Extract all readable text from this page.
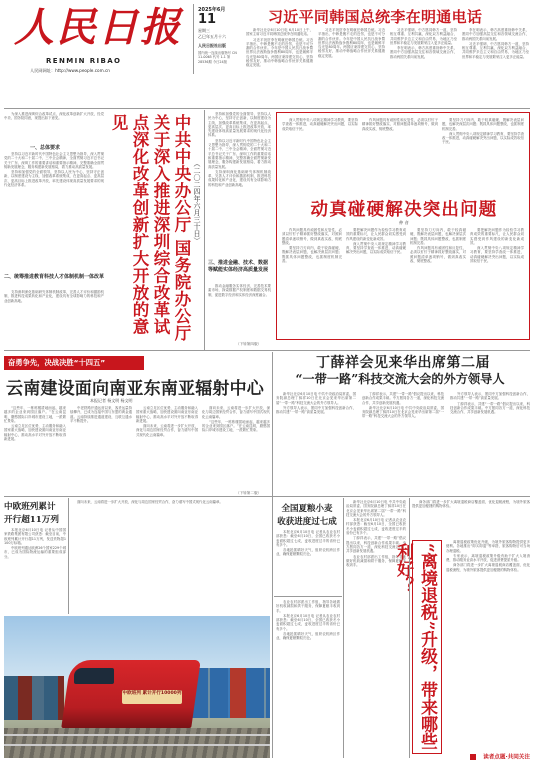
人民日报
RENMIN RIBAO
人民网网址：http://www.people.com.cn
2025年6月
11
星期三
乙巳年五月十六
人民日报社出版
国内统一连续出版物号 CN 11-0065 代号 1-1 第28536期 今日24版
习近平同韩国总统李在明通电话

新华社北京6月10日电 6月10日上午，国家主席习近平同韩国总统李在明通电话。

习近平祝贺李在明就任韩国总统。习近平指出，中韩是搬不走的近邻，也是不可分割的合作伙伴。今年是中国人民抗日战争暨世界反法西斯战争胜利80周年，也是朝鲜半岛光复80周年。两国应秉持建交初心，坚持睦邻友好，推动中韩战略合作伙伴关系健康稳定发展。

习近平祝贺李在明就任韩国总统。习近平指出，中韩是搬不走的近邻，也是不可分割的合作伙伴。今年是中国人民抗日战争暨世界反法西斯战争胜利80周年，也是朝鲜半岛光复80周年。两国应秉持建交初心，坚持睦邻友好，推动中韩战略合作伙伴关系健康稳定发展。

习近平强调，中方愿同韩方一道，坚持相互尊重、互利共赢，深化双方利益融合，共同维护多边主义和自由贸易，为地区乃至世界和平稳定与发展繁荣注入更多正能量。

李在明表示，韩方高度重视韩中关系，愿同中方加强高层交往和各领域交流合作，推动两国关系向前发展。

李在明表示，韩方高度重视韩中关系，愿同中方加强高层交往和各领域交流合作，推动两国关系向前发展。

习近平强调，中方愿同韩方一道，坚持相互尊重、互利共赢，深化双方利益融合，共同维护多边主义和自由贸易，为地区乃至世界和平稳定与发展繁荣注入更多正能量。

为深入推进深圳综合改革试点，深化改革创新扩大开放，经党中央、国务院同意，现提出如下意见。

一、总体要求

坚持以习近平新时代中国特色社会主义思想为指导，深入贯彻党的二十大和二十届二中、三中全会精神，全面贯彻习近平总书记关于广东、深圳工作的重要讲话和重要指示精神，完整准确全面贯彻新发展理念，服务构建新发展格局，着力推动高质量发展。

坚持和加强党的全面领导，坚持以人民为中心，坚持守正创新，以制度建设为主线，加强改革系统集成，在更高起点、更高层次、更高目标上推进改革开放，率先建设体现高质量发展要求的现代化经济体系。

二、统筹推进教育科技人才体制机制一体改革

支持深圳深化基础研究体制机制改革，完善人才评价和激励机制，推进科技成果转化和产业化，建设具有全球影响力的科技和产业创新高地。	中共中央办公厅 国务院办公厅关于深入推进深圳综合改革试点深化改革创新扩大开放的意见
（二〇二四年六月三十日）

坚持和加强党的全面领导，坚持以人民为中心，坚持守正创新，以制度建设为主线，加强改革系统集成，在更高起点、更高层次、更高目标上推进改革开放，率先建设体现高质量发展要求的现代化经济体系。

坚持以习近平新时代中国特色社会主义思想为指导，深入贯彻党的二十大和二十届二中、三中全会精神，全面贯彻习近平总书记关于广东、深圳工作的重要讲话和重要指示精神，完整准确全面贯彻新发展理念，服务构建新发展格局，着力推动高质量发展。

支持深圳深化基础研究体制机制改革，完善人才评价和激励机制，推进科技成果转化和产业化，建设具有全球影响力的科技和产业创新高地。

三、推进金融、技术、数据等赋能实体经济高质量发展

推动金融服务实体经济，完善技术要素市场，探索数据产权制度和数据交易机制，促进数字经济和实体经济深度融合。

（下转第四版）

深入贯彻中央八项规定精神学习教育，要坚持学查改一体推进，动真碰硬解决突出问题，以实际成效取信于民。

作风问题具有顽固性和反复性，必须以钉钉子精神抓好整改落实，对照问题清单逐项销号，做到真改实改、彻底整改。

要坚持刀刃向内，敢于较真碰硬，既解决表层问题，也解决深层次问题；既抓具体问题整改，也抓制度机制完善。

深入贯彻中央八项规定精神学习教育，要坚持学查改一体推进，动真碰硬解决突出问题，以实际成效取信于民。

动真碰硬解决突出问题
仲 音

作风问题具有顽固性和反复性，必须以钉钉子精神抓好整改落实，对照问题清单逐项销号，做到真改实改、彻底整改。

要坚持刀刃向内，敢于较真碰硬，既解决表层问题，也解决深层次问题；既抓具体问题整改，也抓制度机制完善。

要把解决问题作为检验学习教育成效的重要标尺，让人民群众切实感受到作风建设的新变化新成效。

深入贯彻中央八项规定精神学习教育，要坚持学查改一体推进，动真碰硬解决突出问题，以实际成效取信于民。

要坚持刀刃向内，敢于较真碰硬，既解决表层问题，也解决深层次问题；既抓具体问题整改，也抓制度机制完善。

作风问题具有顽固性和反复性，必须以钉钉子精神抓好整改落实，对照问题清单逐项销号，做到真改实改、彻底整改。

要把解决问题作为检验学习教育成效的重要标尺，让人民群众切实感受到作风建设的新变化新成效。

深入贯彻中央八项规定精神学习教育，要坚持学查改一体推进，动真碰硬解决突出问题，以实际成效取信于民。

丁薛祥会见来华出席第二届
“一带一路”科技交流大会的外方领导人

新华社北京6月10日电 中共中央政治局常委、国务院副总理丁薛祥10日在北京会见来华出席第二届“一带一路”科技交流大会的外方领导人。

外方领导人表示，愿同中方加强科技创新合作，推动共建“一带一路”高质量发展。

丁薛祥表示，共建“一带一路”倡议提出以来，科技创新合作成果丰硕。中方愿同各方一道，深化科技交流合作，共享创新发展机遇。

新华社北京6月10日电 中共中央政治局常委、国务院副总理丁薛祥10日在北京会见来华出席第二届“一带一路”科技交流大会的外方领导人。

外方领导人表示，愿同中方加强科技创新合作，推动共建“一带一路”高质量发展。

丁薛祥表示，共建“一带一路”倡议提出以来，科技创新合作成果丰硕。中方愿同各方一道，深化科技交流合作，共享创新发展机遇。

奋勇争先，决战决胜“十四五”
云南建设面向南亚东南亚辐射中心
本报记者 杨文明 杨文明

“这些年，一栋栋楼拔地而起，越来越多的企业来到园区落户。”在云南昆明，磨憨国际口岸城市建设工地，一派繁忙景象。

云南立足区位优势，主动服务和融入国家重大战略，加快建设面向南亚东南亚辐射中心，推动高水平对外开放不断取得新进展。

中老铁路开通运营以来，客货运量持续攀升，已成为连接中国与东盟的黄金通道。云南持续推进通道建设，互联互通水平不断提升。

云南立足区位优势，主动服务和融入国家重大战略，加快建设面向南亚东南亚辐射中心，推动高水平对外开放不断取得新进展。

面向未来，云南将进一步扩大开放，深化与周边国家经贸合作，奋力谱写中国式现代化云南篇章。

面向未来，云南将进一步扩大开放，深化与周边国家经贸合作，奋力谱写中国式现代化云南篇章。

“这些年，一栋栋楼拔地而起，越来越多的企业来到园区落户。”在云南昆明，磨憨国际口岸城市建设工地，一派繁忙景象。

（下转第二版）
全国夏粮小麦
收获进度过七成

本报北京6月10日电 记者从农业农村部获悉：截至6月10日，全国已收获冬小麦面积超过七成，麦收进度过半的省份已有多个。

各地抢抓晴好天气，组织农机跨区作业，确保夏粮颗粒归仓。

农业农村部派出工作组，指导各地做好机收减损和烘干服务，保障夏粮丰收到手。

本报北京6月10日电 记者从农业农村部获悉：截至6月10日，全国已收获冬小麦面积超过七成，麦收进度过半的省份已有多个。

各地抢抓晴好天气，组织农机跨区作业，确保夏粮颗粒归仓。

新华社北京6月10日电 中共中央政治局常委、国务院副总理丁薛祥10日在北京会见来华出席第二届“一带一路”科技交流大会的外方领导人。

本报北京6月10日电 记者从农业农村部获悉：截至6月10日，全国已收获冬小麦面积超过七成，麦收进度过半的省份已有多个。

丁薛祥表示，共建“一带一路”倡议提出以来，科技创新合作成果丰硕。中方愿同各方一道，深化科技交流合作，共享创新发展机遇。

农业农村部派出工作组，指导各地做好机收减损和烘干服务，保障夏粮丰收到手。

商务部门将进一步扩大离境退税商店覆盖面，优化退税流程，为境外旅客提供更加便捷的购物体验。

“离境退税”升级，带来哪些利好？

离境退税政策优化升级，为境外旅客购物提供更多便利。各地推出“即买即退”等举措，旅客购物后可当场办理退税。

专家表示，离境退税政策升级有助于扩大入境消费，推动服务业高水平开放，促进消费提质升级。

商务部门将进一步扩大离境退税商店覆盖面，优化退税流程，为境外旅客提供更加便捷的购物体验。

读者点题·共同关注
中欧班列累计
开行超11万列

本报北京6月10日电 记者从中国国家铁路集团有限公司获悉：截至目前，中欧班列累计开行超11万列，发送货物超1100万标箱。

中欧班列通达欧洲26个国家229个城市，已成为国际物流运输的重要组成部分。

面向未来，云南将进一步扩大开放，深化与周边国家经贸合作，奋力谱写中国式现代化云南篇章。

中欧班列 累计开行10000列
